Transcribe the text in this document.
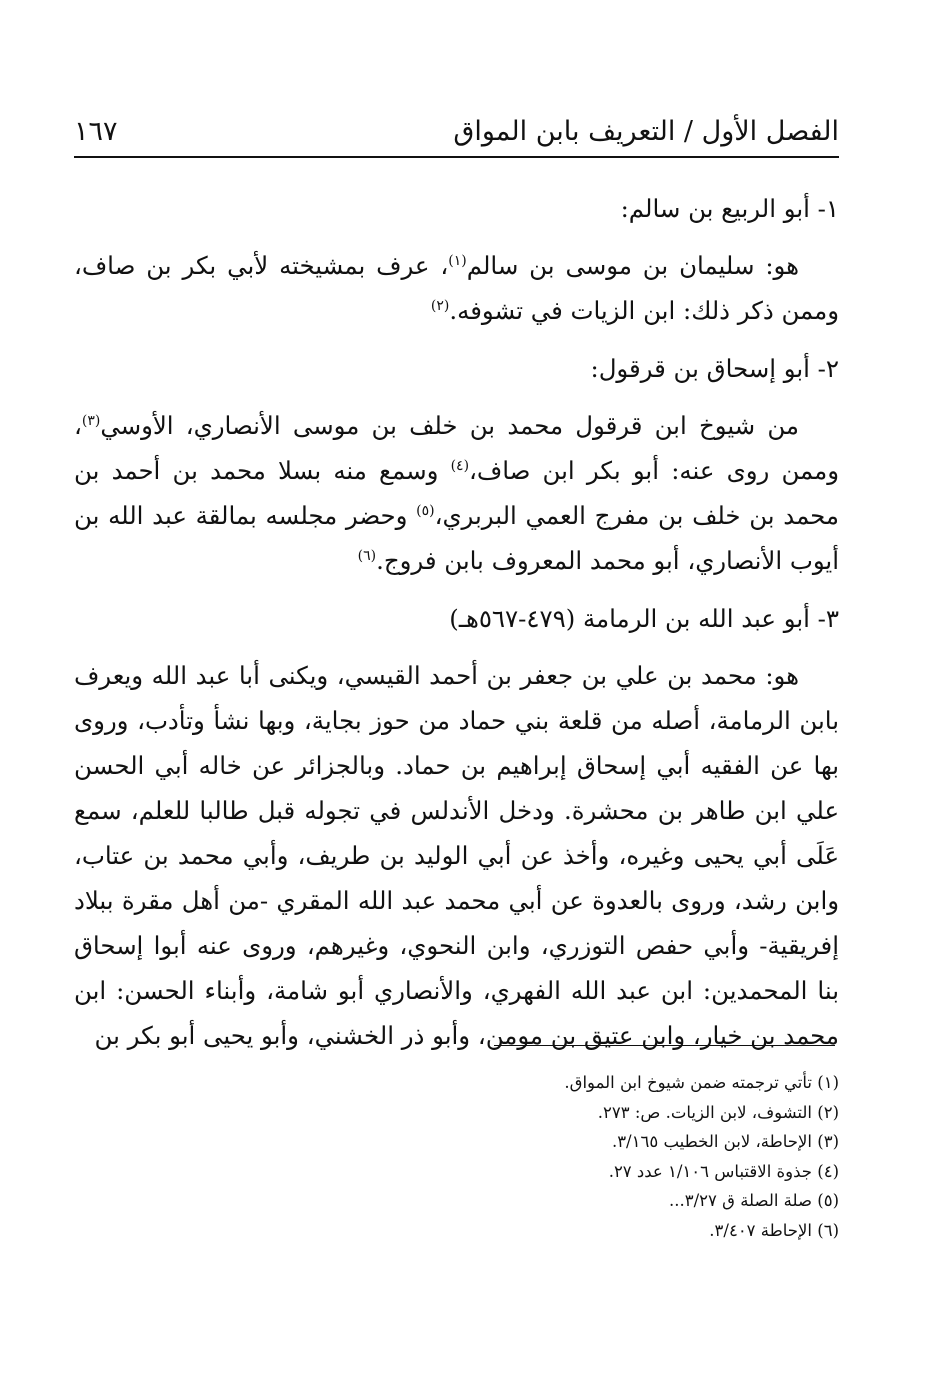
الفصل الأول / التعريف بابن المواق
١٦٧
١- أبو الربيع بن سالم:

هو: سليمان بن موسى بن سالم$^{(١)}$، عرف بمشيخته لأبي بكر بن صاف، وممن ذكر ذلك: ابن الزيات في تشوفه.$^{(٢)}$

٢- أبو إسحاق بن قرقول:

من شيوخ ابن قرقول محمد بن خلف بن موسى الأنصاري، الأوسي$^{(٣)}$، وممن روى عنه: أبو بكر ابن صاف،$^{(٤)}$ وسمع منه بسلا محمد بن أحمد بن محمد بن خلف بن مفرج العمي البربري،$^{(٥)}$ وحضر مجلسه بمالقة عبد الله بن أيوب الأنصاري، أبو محمد المعروف بابن فروج.$^{(٦)}$

٣- أبو عبد الله بن الرمامة (٤٧٩-٥٦٧هـ)

هو: محمد بن علي بن جعفر بن أحمد القيسي، ويكنى أبا عبد الله ويعرف بابن الرمامة، أصله من قلعة بني حماد من حوز بجاية، وبها نشأ وتأدب، وروى بها عن الفقيه أبي إسحاق إبراهيم بن حماد. وبالجزائر عن خاله أبي الحسن علي ابن طاهر بن محشرة. ودخل الأندلس في تجوله قبل طالبا للعلم، سمع عَلَى أبي يحيى وغيره، وأخذ عن أبي الوليد بن طريف، وأبي محمد بن عتاب، وابن رشد، وروى بالعدوة عن أبي محمد عبد الله المقري -من أهل مقرة ببلاد إفريقية- وأبي حفص التوزري، وابن النحوي، وغيرهم، وروى عنه أبوا إسحاق بنا المحمدين: ابن عبد الله الفهري، والأنصاري أبو شامة، وأبناء الحسن: ابن محمد بن خيار، وابن عتيق بن مومن، وأبو ذر الخشني، وأبو يحيى أبو بكر بن

(١) تأتي ترجمته ضمن شيوخ ابن المواق.

(٢) التشوف، لابن الزيات. ص: ٢٧٣.

(٣) الإحاطة، لابن الخطيب ٣/١٦٥.

(٤) جذوة الاقتباس ١/١٠٦ عدد ٢٧.

(٥) صلة الصلة ق ٣/٢٧...

(٦) الإحاطة ٣/٤٠٧.
